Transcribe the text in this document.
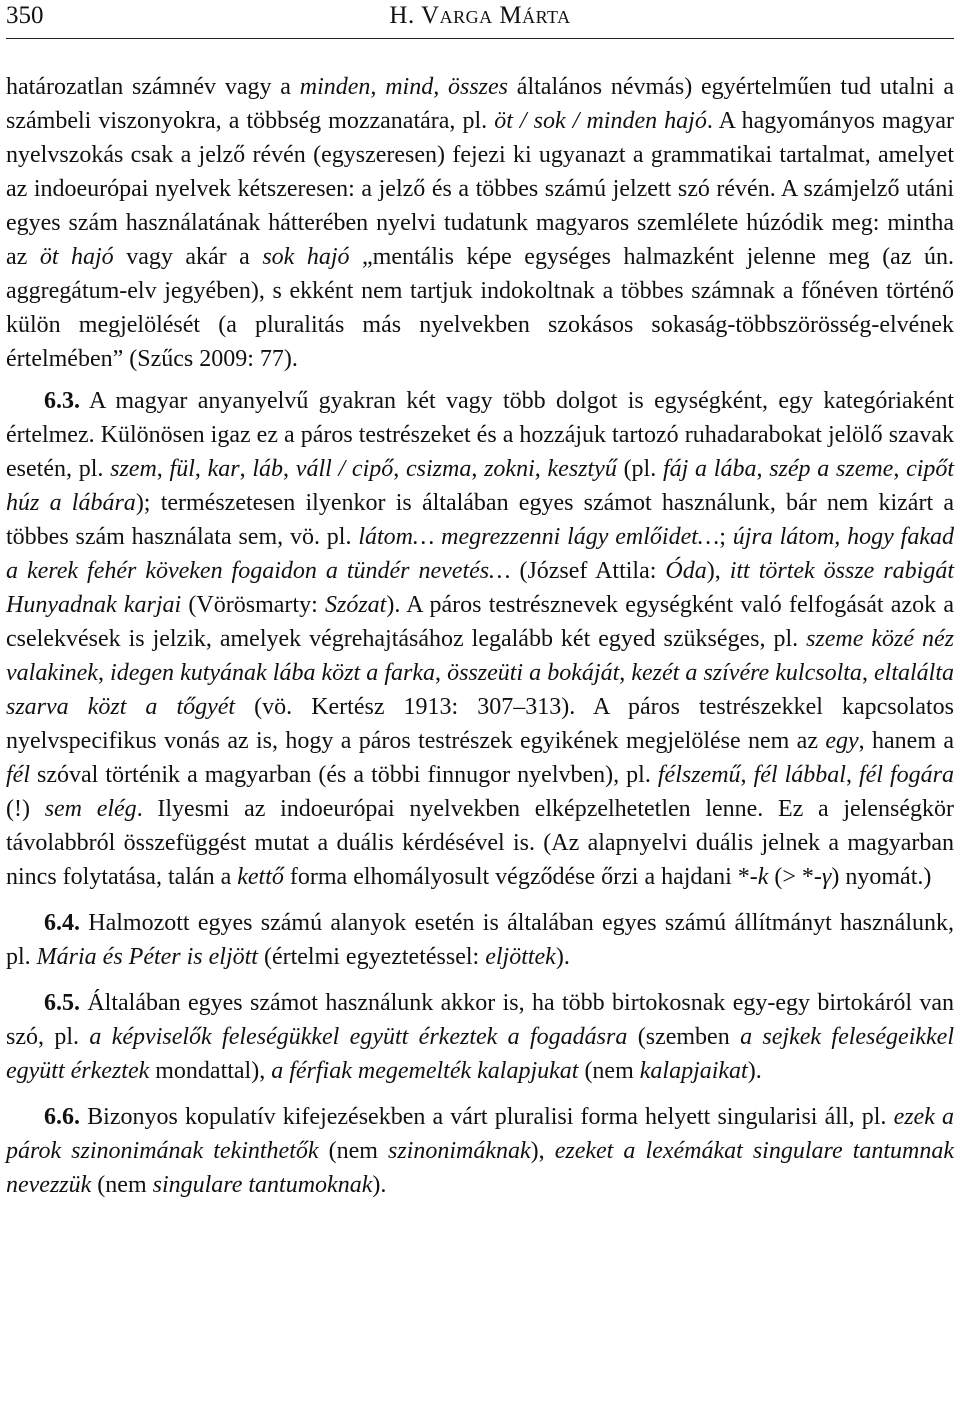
350	H. Varga Márta

határozatlan számnév vagy a minden, mind, összes általános névmás) egyértelműen tud utalni a számbeli viszonyokra, a többség mozzanatára, pl. öt / sok / minden hajó. A hagyományos magyar nyelvszokás csak a jelző révén (egyszeresen) fejezi ki ugyanazt a grammatikai tartalmat, amelyet az indoeurópai nyelvek kétszeresen: a jelző és a többes számú jelzett szó révén. A számjelző utáni egyes szám használatának hátterében nyelvi tudatunk magyaros szemlélete húzódik meg: mintha az öt hajó vagy akár a sok hajó „mentális képe egységes halmazként jelenne meg (az ún. aggregátum-elv jegyében), s ekként nem tartjuk indokoltnak a többes számnak a főnéven történő külön megjelölését (a pluralitás más nyelvekben szokásos sokaság-többszörösség-elvének értelmében” (Szűcs 2009: 77).

6.3. A magyar anyanyelvű gyakran két vagy több dolgot is egységként, egy kategóriaként értelmez. Különösen igaz ez a páros testrészeket és a hozzájuk tartozó ruhadarabokat jelölő szavak esetén, pl. szem, fül, kar, láb, váll / cipő, csizma, zokni, kesztyű (pl. fáj a lába, szép a szeme, cipőt húz a lábára); természetesen ilyenkor is általában egyes számot használunk, bár nem kizárt a többes szám használata sem, vö. pl. látom… megrezzenni lágy emlőidet…; újra látom, hogy fakad a kerek fehér köveken fogaidon a tündér nevetés… (József Attila: Óda), itt törtek össze rabigát Hunyadnak karjai (Vörösmarty: Szózat). A páros testrésznevek egységként való felfogását azok a cselekvések is jelzik, amelyek végrehajtásához legalább két egyed szükséges, pl. szeme közé néz valakinek, idegen kutyának lába közt a farka, összeüti a bokáját, kezét a szívére kulcsolta, eltalálta szarva közt a tőgyét (vö. Kertész 1913: 307–313). A páros testrészekkel kapcsolatos nyelvspecifikus vonás az is, hogy a páros testrészek egyikének megjelölése nem az egy, hanem a fél szóval történik a magyarban (és a többi finnugor nyelvben), pl. félszemű, fél lábbal, fél fogára (!) sem elég. Ilyesmi az indoeurópai nyelvekben elképzelhetetlen lenne. Ez a jelenségkör távolabbról összefüggést mutat a duális kérdésével is. (Az alapnyelvi duális jelnek a magyarban nincs folytatása, talán a kettő forma elhomályosult végződése őrzi a hajdani *-k (> *-γ) nyomát.)

6.4. Halmozott egyes számú alanyok esetén is általában egyes számú állítmányt használunk, pl. Mária és Péter is eljött (értelmi egyeztetéssel: eljöttek).

6.5. Általában egyes számot használunk akkor is, ha több birtokosnak egy-egy birtokáról van szó, pl. a képviselők feleségükkel együtt érkeztek a fogadásra (szemben a sejkek feleségeikkel együtt érkeztek mondattal), a férfiak megemelték kalapjukat (nem kalapjaikat).

6.6. Bizonyos kopulatív kifejezésekben a várt pluralisi forma helyett singularisi áll, pl. ezek a párok szinonimának tekinthetők (nem szinonimáknak), ezeket a lexémákat singulare tantumnak nevezzük (nem singulare tantumoknak).
